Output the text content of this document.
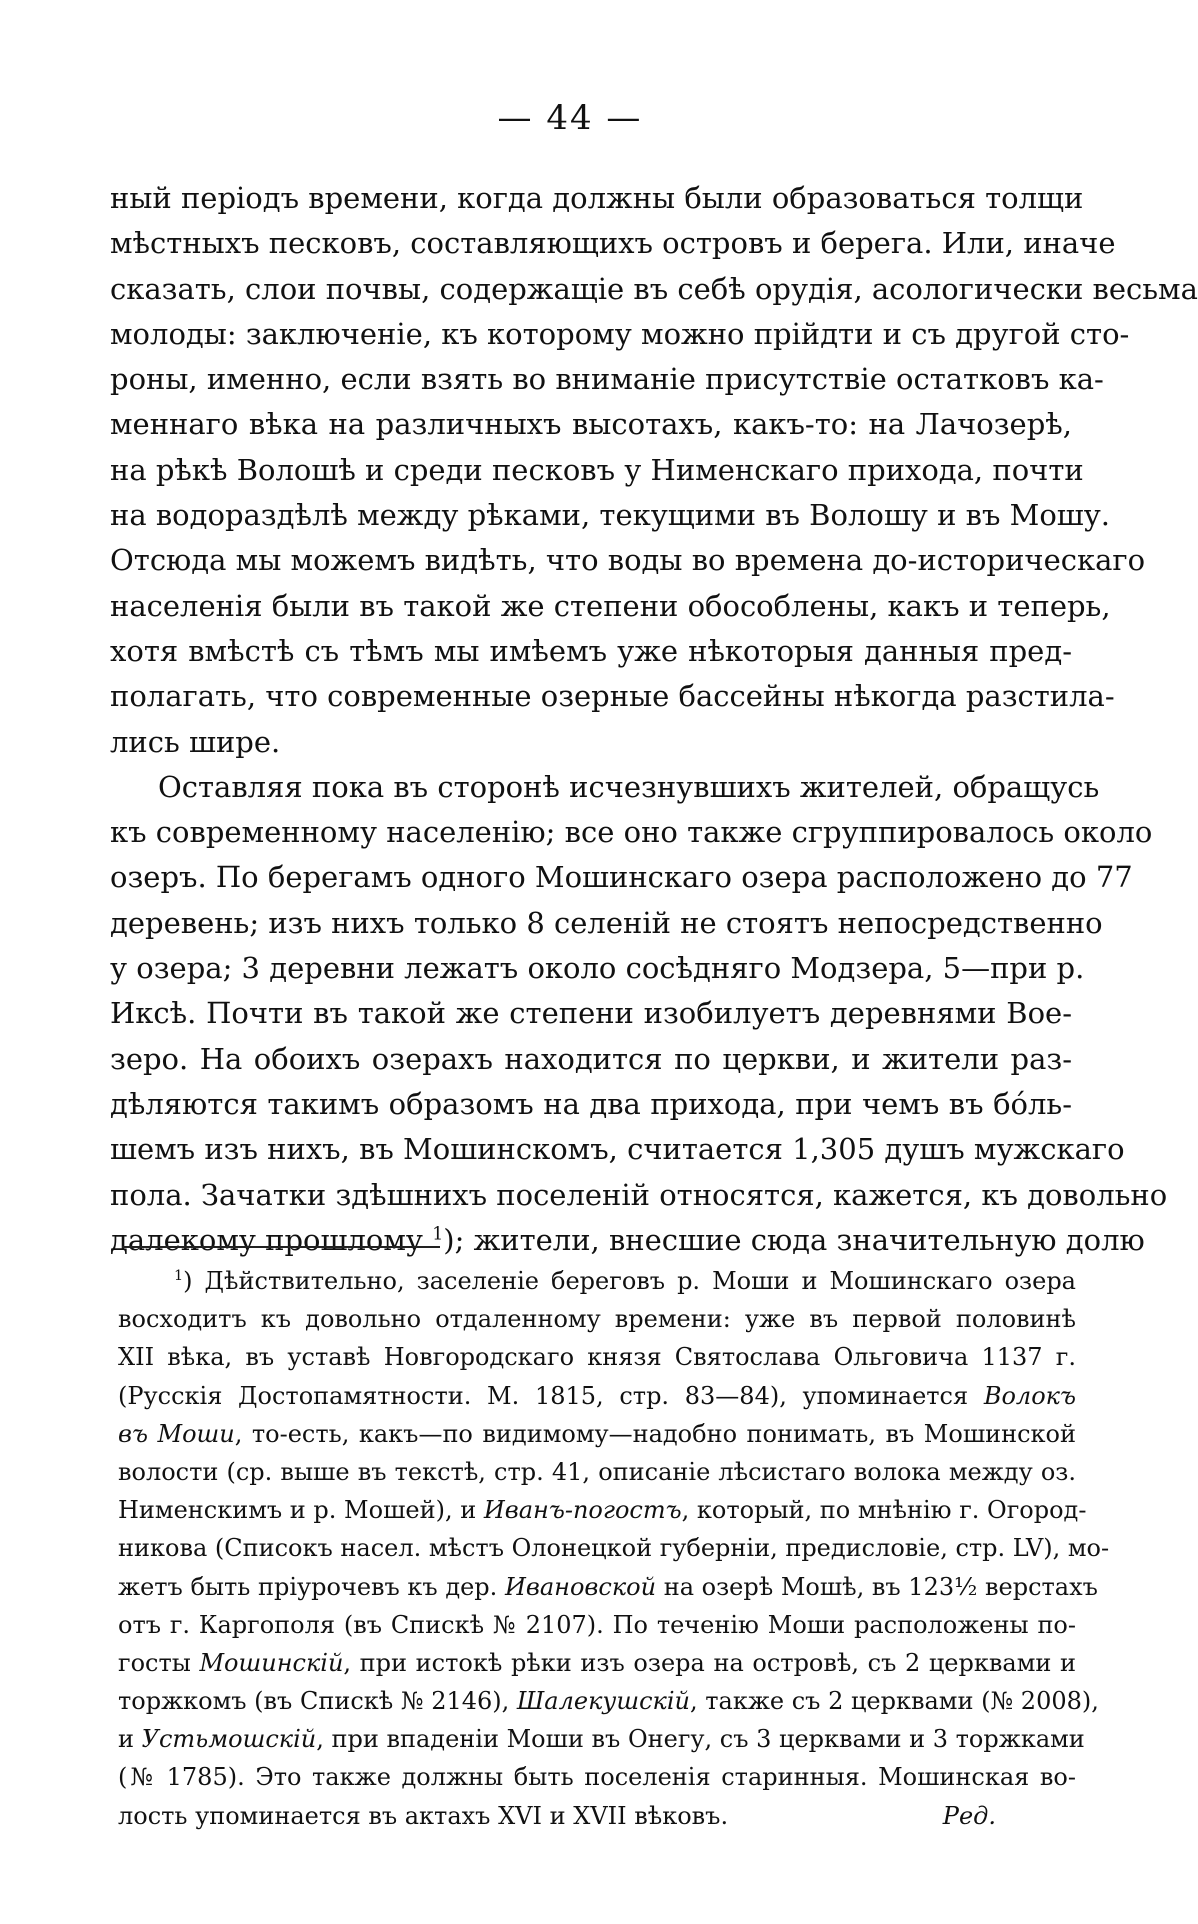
— 44 —
ный періодъ времени, когда должны были образоваться толщи
мѣстныхъ песковъ, составляющихъ островъ и берега. Или, иначе
сказать, слои почвы, содержащіе въ себѣ орудія, асологически весьма
молоды: заключеніе, къ которому можно прійдти и съ другой сто-
роны, именно, если взять во вниманіе присутствіе остатковъ ка-
меннаго вѣка на различныхъ высотахъ, какъ-то: на Лачозерѣ,
на рѣкѣ Волошѣ и среди песковъ у Нименскаго прихода, почти
на водораздѣлѣ между рѣками, текущими въ Волошу и въ Мошу.
Отсюда мы можемъ видѣть, что воды во времена до-историческаго
населенія были въ такой же степени обособлены, какъ и теперь,
хотя вмѣстѣ съ тѣмъ мы имѣемъ уже нѣкоторыя данныя пред-
полагать, что современные озерные бассейны нѣкогда разстила-
лись шире.
Оставляя пока въ сторонѣ исчезнувшихъ жителей, обращусь
къ современному населенію; все оно также сгруппировалось около
озеръ. По берегамъ одного Мошинскаго озера расположено до 77
деревень; изъ нихъ только 8 селеній не стоятъ непосредственно
у озера; 3 деревни лежатъ около сосѣдняго Модзера, 5—при р.
Иксѣ. Почти въ такой же степени изобилуетъ деревнями Вое-
зеро. На обоихъ озерахъ находится по церкви, и жители раз-
дѣляются такимъ образомъ на два прихода, при чемъ въ бо́ль-
шемъ изъ нихъ, въ Мошинскомъ, считается 1,305 душъ мужскаго
пола. Зачатки здѣшнихъ поселеній относятся, кажется, къ довольно
далекому прошлому $^1$); жители, внесшие сюда значительную долю
$^1$) Дѣйствительно, заселеніе береговъ р. Моши и Мошинскаго озера
восходитъ къ довольно отдаленному времени: уже въ первой половинѣ
XII вѣка, въ уставѣ Новгородскаго князя Святослава Ольговича 1137 г.
(Русскія Достопамятности. М. 1815, стр. 83—84), упоминается Волокъ
въ Моши, то-есть, какъ—по видимому—надобно понимать, въ Мошинской
волости (ср. выше въ текстѣ, стр. 41, описаніе лѣсистаго волока между оз.
Нименскимъ и р. Мошей), и Иванъ-погостъ, который, по мнѣнію г. Огород-
никова (Списокъ насел. мѣстъ Олонецкой губерніи, предисловіе, стр. LV), мо-
жетъ быть пріурочевъ къ дер. Ивановской на озерѣ Мошѣ, въ 123½ верстахъ
отъ г. Каргополя (въ Спискѣ № 2107). По теченію Моши расположены по-
госты Мошинскій, при истокѣ рѣки изъ озера на островѣ, съ 2 церквами и
торжкомъ (въ Спискѣ № 2146), Шалекушскій, также съ 2 церквами (№ 2008),
и Устьмошскій, при впаденіи Моши въ Онегу, съ 3 церквами и 3 торжками
(№ 1785). Это также должны быть поселенія старинныя. Мошинская во-
лость упоминается въ актахъ XVI и XVII вѣковъ.	Ред.
